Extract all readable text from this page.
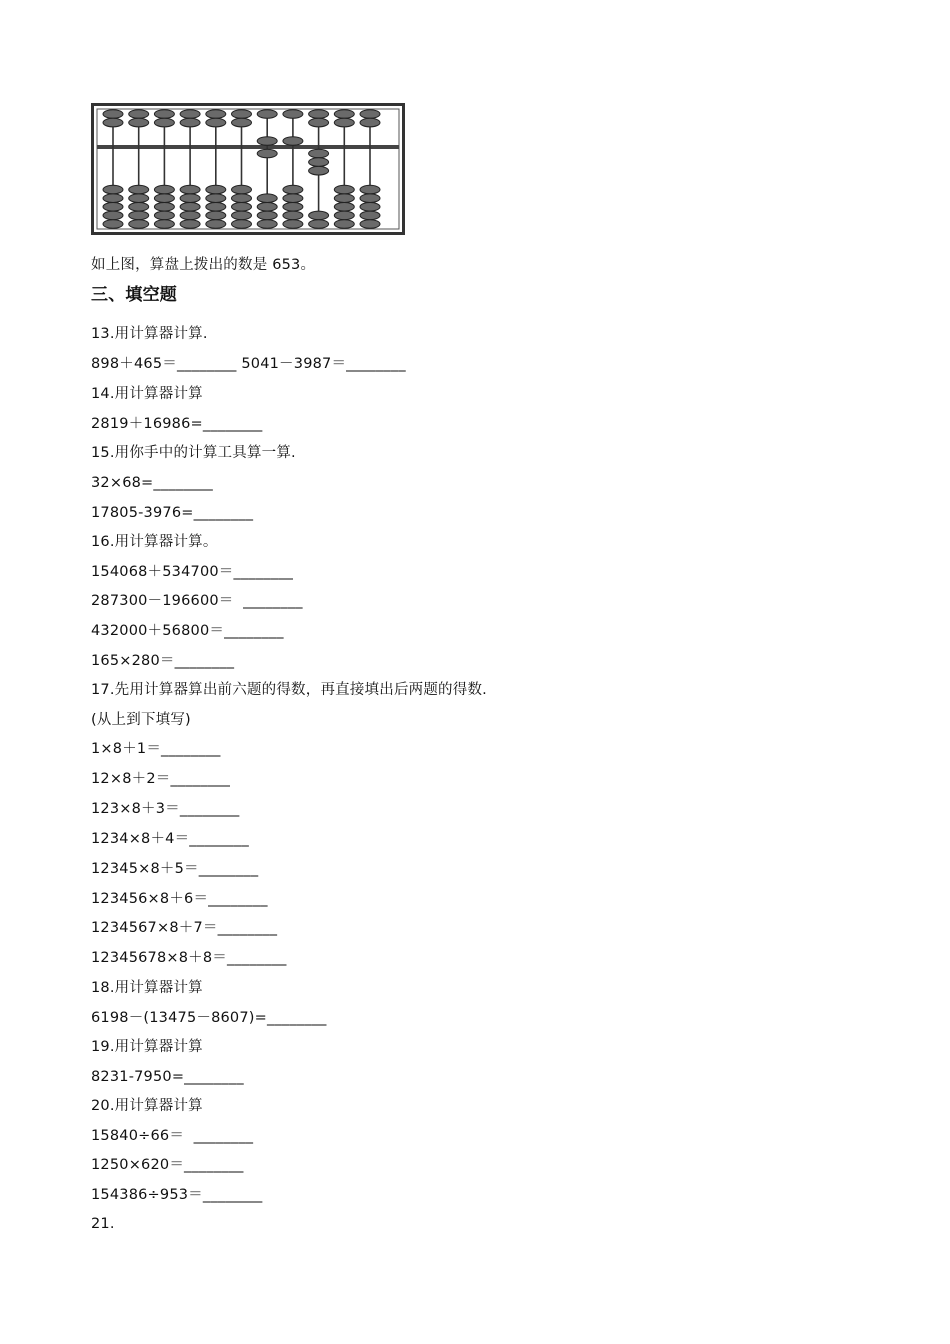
如上图，算盘上拨出的数是 653。
三、填空题
13.用计算器计算.
898＋465＝________ 5041－3987＝________
14.用计算器计算
2819＋16986=________
15.用你手中的计算工具算一算.
32×68=________
17805-3976=________
16.用计算器计算。
154068＋534700＝________
287300－196600＝  ________
432000＋56800＝________
165×280＝________
17.先用计算器算出前六题的得数，再直接填出后两题的得数.
(从上到下填写)
1×8＋1＝________
12×8＋2＝________
123×8＋3＝________
1234×8＋4＝________
12345×8＋5＝________
123456×8＋6＝________
1234567×8＋7＝________
12345678×8＋8＝________
18.用计算器计算
6198－(13475－8607)=________
19.用计算器计算
8231-7950=________
20.用计算器计算
15840÷66＝  ________
1250×620＝________
154386÷953＝________
21.
